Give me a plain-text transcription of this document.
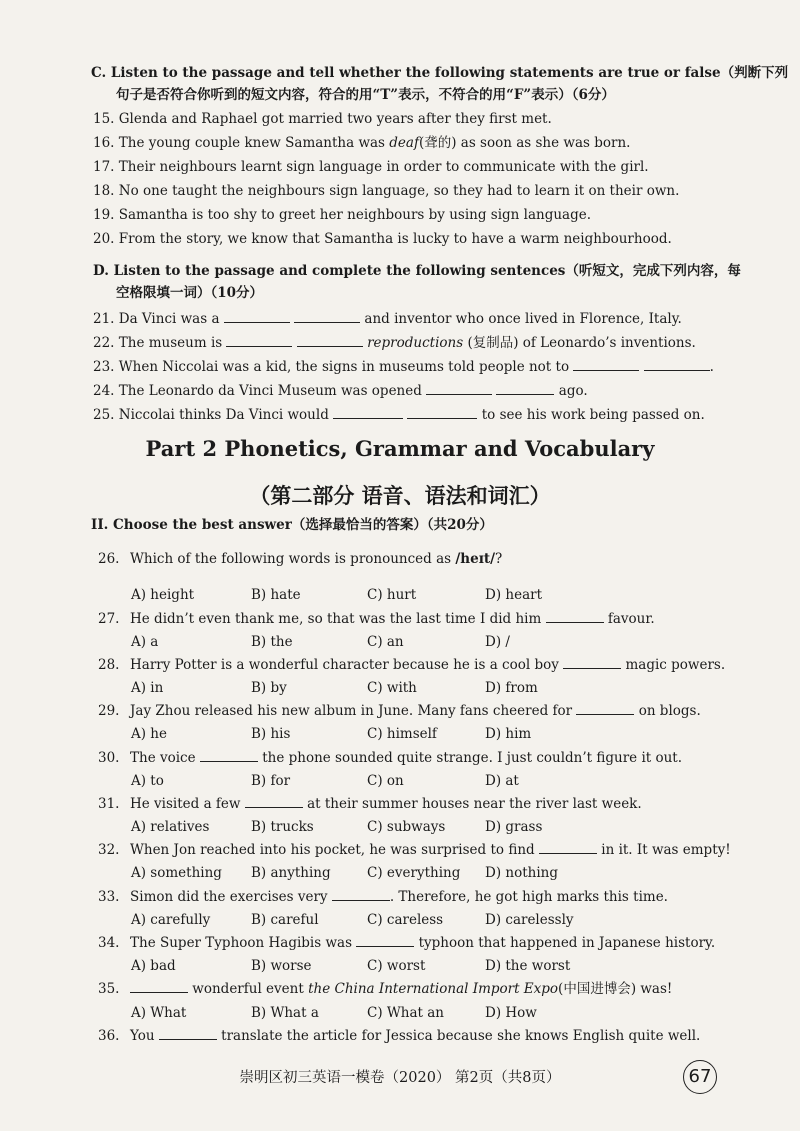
C. Listen to the passage and tell whether the following statements are true or false（判断下列
句子是否符合你听到的短文内容，符合的用“T”表示，不符合的用“F”表示）（6分）
15. Glenda and Raphael got married two years after they first met.
16. The young couple knew Samantha was deaf(聋的) as soon as she was born.
17. Their neighbours learnt sign language in order to communicate with the girl.
18. No one taught the neighbours sign language, so they had to learn it on their own.
19. Samantha is too shy to greet her neighbours by using sign language.
20. From the story, we know that Samantha is lucky to have a warm neighbourhood.
D. Listen to the passage and complete the following sentences（听短文，完成下列内容，每
空格限填一词）（10分）
21. Da Vinci was a	and inventor who once lived in Florence, Italy.
22. The museum is	reproductions (复制品) of Leonardo’s inventions.
23. When Niccolai was a kid, the signs in museums told people not to	.
24. The Leonardo da Vinci Museum was opened	ago.
25. Niccolai thinks Da Vinci would	to see his work being passed on.
Part 2 Phonetics, Grammar and Vocabulary
（第二部分 语音、语法和词汇）
II. Choose the best answer（选择最恰当的答案）（共20分）
26. Which of the following words is pronounced as /heɪt/?
A) height	B) hate	C) hurt	D) heart
27. He didn’t even thank me, so that was the last time I did him	favour.
A) a	B) the	C) an	D) /
28. Harry Potter is a wonderful character because he is a cool boy	magic powers.
A) in	B) by	C) with	D) from
29. Jay Zhou released his new album in June. Many fans cheered for	on blogs.
A) he	B) his	C) himself	D) him
30. The voice	the phone sounded quite strange. I just couldn’t figure it out.
A) to	B) for	C) on	D) at
31. He visited a few	at their summer houses near the river last week.
A) relatives	B) trucks	C) subways	D) grass
32. When Jon reached into his pocket, he was surprised to find	in it. It was empty!
A) something B) anything	C) everything D) nothing
33. Simon did the exercises very	. Therefore, he got high marks this time.
A) carefully	B) careful	C) careless	D) carelessly
34. The Super Typhoon Hagibis was	typhoon that happened in Japanese history.
A) bad	B) worse	C) worst	D) the worst
35.	wonderful event the China International Import Expo(中国进博会) was!
A) What	B) What a	C) What an	D) How
36. You	translate the article for Jessica because she knows English quite well.
崇明区初三英语一模卷（2020） 第2页（共8页）	67
